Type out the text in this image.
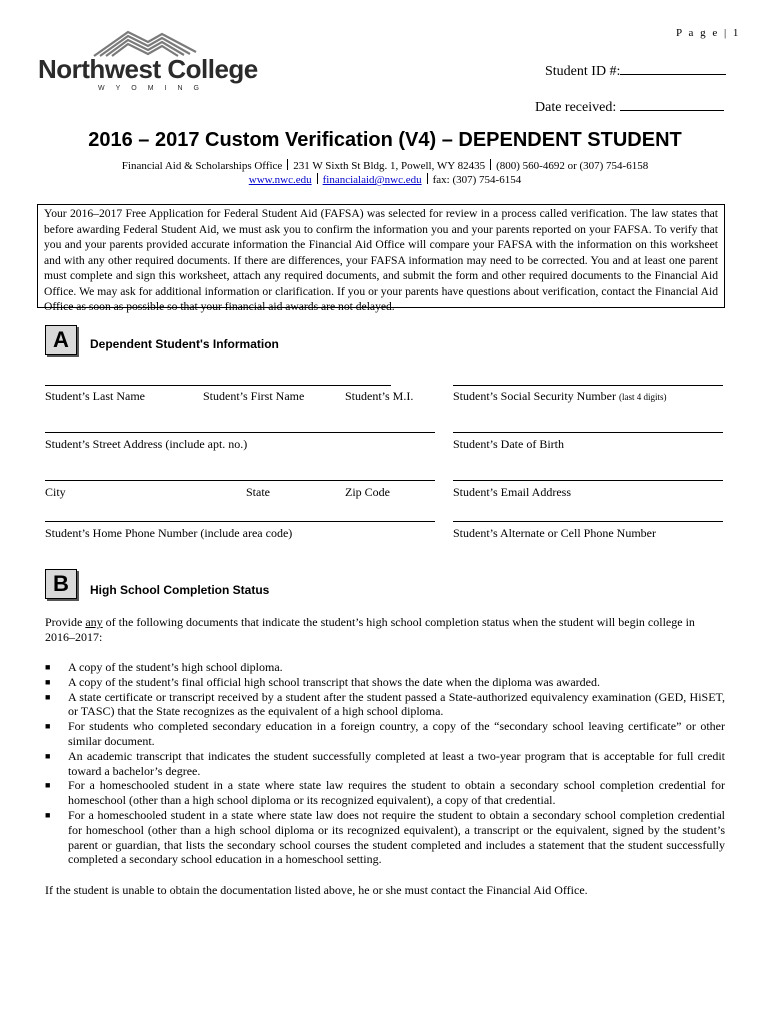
P a g e | 1
Northwest College
WYOMING
Student ID #:
Date received:
2016 – 2017 Custom Verification (V4) – DEPENDENT STUDENT
Financial Aid & Scholarships Office 231 W Sixth St Bldg. 1, Powell, WY 82435 (800) 560-4692 or (307) 754-6158
www.nwc.edu financialaid@nwc.edu fax: (307) 754-6154
Your 2016–2017 Free Application for Federal Student Aid (FAFSA) was selected for review in a process called verification. The law states that before awarding Federal Student Aid, we must ask you to confirm the information you and your parents reported on your FAFSA. To verify that you and your parents provided accurate information the Financial Aid Office will compare your FAFSA with the information on this worksheet and with any other required documents. If there are differences, your FAFSA information may need to be corrected. You and at least one parent must complete and sign this worksheet, attach any required documents, and submit the form and other required documents to the Financial Aid Office. We may ask for additional information or clarification. If you or your parents have questions about verification, contact the Financial Aid Office as soon as possible so that your financial aid awards are not delayed.
A	Dependent Student's Information
Student’s Last Name	Student’s First Name	Student’s M.I.	Student’s Social Security Number (last 4 digits)
Student’s Street Address (include apt. no.)	Student’s Date of Birth
City	State	Zip Code	Student’s Email Address
Student’s Home Phone Number (include area code)	Student’s Alternate or Cell Phone Number
B	High School Completion Status
Provide any of the following documents that indicate the student’s high school completion status when the student will begin college in 2016–2017:
■ A copy of the student’s high school diploma.
■ A copy of the student’s final official high school transcript that shows the date when the diploma was awarded.
■ A state certificate or transcript received by a student after the student passed a State-authorized equivalency examination (GED, HiSET, or TASC) that the State recognizes as the equivalent of a high school diploma.
■ For students who completed secondary education in a foreign country, a copy of the “secondary school leaving certificate” or other similar document.
■ An academic transcript that indicates the student successfully completed at least a two-year program that is acceptable for full credit toward a bachelor’s degree.
■ For a homeschooled student in a state where state law requires the student to obtain a secondary school completion credential for homeschool (other than a high school diploma or its recognized equivalent), a copy of that credential.
■ For a homeschooled student in a state where state law does not require the student to obtain a secondary school completion credential for homeschool (other than a high school diploma or its recognized equivalent), a transcript or the equivalent, signed by the student’s parent or guardian, that lists the secondary school courses the student completed and includes a statement that the student successfully completed a secondary school education in a homeschool setting.
If the student is unable to obtain the documentation listed above, he or she must contact the Financial Aid Office.
